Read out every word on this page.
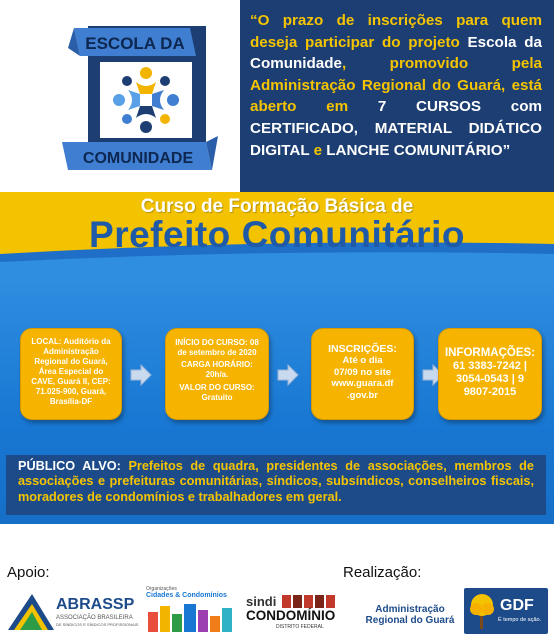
ESCOLA DA
COMUNIDADE
“O prazo de inscrições para quem deseja participar do projeto Escola da Comunidade, promovido pela Administração Regional do Guará, está aberto em 7 CURSOS com CERTIFICADO, MATERIAL DIDÁTICO DIGITAL e LANCHE COMUNITÁRIO”
Curso de Formação Básica de
Prefeito Comunitário
LOCAL: Auditório da Administração Regional do Guará, Área Especial do CAVE, Guará II, CEP: 71.025-900, Guará, Brasília-DF
INÍCIO DO CURSO: 08 de setembro de 2020
CARGA HORÁRIO:
20h/a.
VALOR DO CURSO:
Gratuito
INSCRIÇÕES:
Até o dia
07/09 no site
www.guara.df
.gov.br
INFORMAÇÕES:
61 3383-7242 |
3054-0543 | 9
9807-2015
PÚBLICO ALVO: Prefeitos de quadra, presidentes de associações, membros de associações e prefeituras comunitárias, síndicos, subsíndicos, conselheiros fiscais, moradores de condomínios e trabalhadores em geral.
Apoio:	Realização:
ABRASSP
ASSOCIAÇÃO BRASILEIRA
DE SÍNDICOS E SÍNDICOS PROFISSIONAIS
Organizações
Cidades & Condomínios	sindi
CONDOMÍNIO
DISTRITO FEDERAL
Administração
Regional do Guará
GDF
É tempo de ação.
